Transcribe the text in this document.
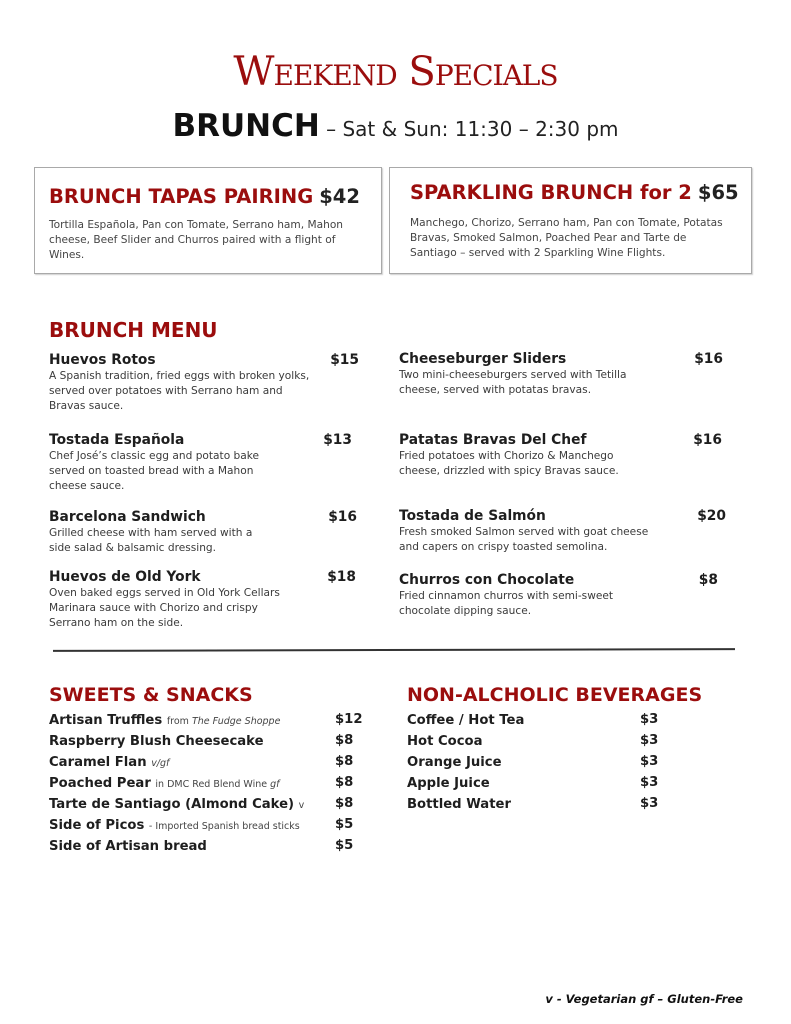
Weekend Specials
BRUNCH – Sat & Sun: 11:30 – 2:30 pm
BRUNCH TAPAS PAIRING $42
Tortilla Española, Pan con Tomate, Serrano ham, Mahon cheese, Beef Slider and Churros paired with a flight of Wines.
SPARKLING BRUNCH for 2 $65
Manchego, Chorizo, Serrano ham, Pan con Tomate, Potatas Bravas, Smoked Salmon, Poached Pear and Tarte de Santiago – served with 2 Sparkling Wine Flights.
BRUNCH MENU
Huevos Rotos	$15
A Spanish tradition, fried eggs with broken yolks, served over potatoes with Serrano ham and Bravas sauce.
Tostada Española	$13
Chef José’s classic egg and potato bake served on toasted bread with a Mahon cheese sauce.
Barcelona Sandwich	$16
Grilled cheese with ham served with a side salad & balsamic dressing.
Huevos de Old York	$18
Oven baked eggs served in Old York Cellars Marinara sauce with Chorizo and crispy Serrano ham on the side.
Cheeseburger Sliders	$16
Two mini-cheeseburgers served with Tetilla cheese, served with potatas bravas.
Patatas Bravas Del Chef	$16
Fried potatoes with Chorizo & Manchego cheese, drizzled with spicy Bravas sauce.
Tostada de Salmón	$20
Fresh smoked Salmon served with goat cheese and capers on crispy toasted semolina.
Churros con Chocolate	$8
Fried cinnamon churros with semi-sweet chocolate dipping sauce.
SWEETS & SNACKS
Artisan Truffles from The Fudge Shoppe	$12
Raspberry Blush Cheesecake	$8
Caramel Flan v/gf	$8
Poached Pear in DMC Red Blend Wine gf	$8
Tarte de Santiago (Almond Cake) v $8
Side of Picos - Imported Spanish bread sticks	$5
Side of Artisan bread	$5
NON-ALCHOLIC BEVERAGES
Coffee / Hot Tea	$3
Hot Cocoa	$3
Orange Juice	$3
Apple Juice	$3
Bottled Water	$3
v - Vegetarian gf – Gluten-Free
